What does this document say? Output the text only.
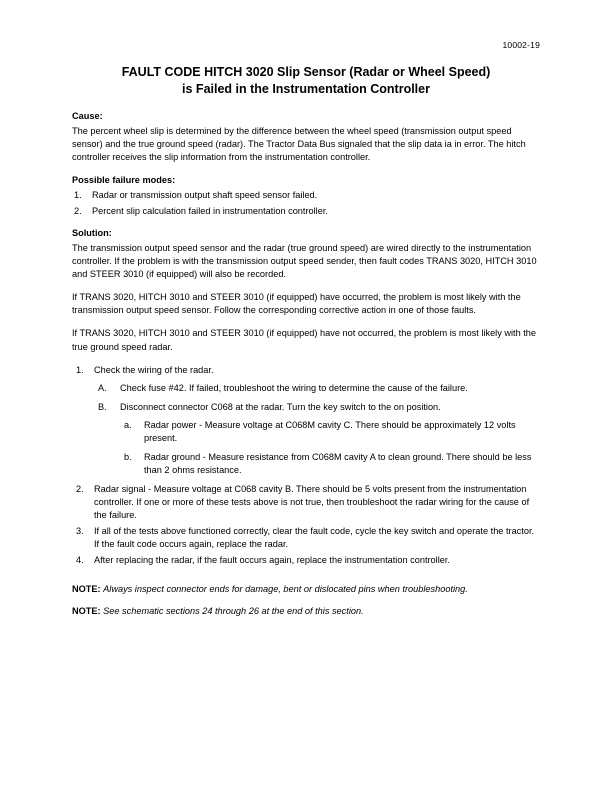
10002-19
FAULT CODE HITCH 3020 Slip Sensor (Radar or Wheel Speed)
is Failed in the Instrumentation Controller
Cause:

The percent wheel slip is determined by the difference between the wheel speed (transmission output speed sensor) and the true ground speed (radar). The Tractor Data Bus signaled that the slip data ia in error. The hitch controller receives the slip information from the instrumentation controller.

Possible failure modes:
1.	Radar or transmission output shaft speed sensor failed.
2.	Percent slip calculation failed in instrumentation controller.
Solution:

The transmission output speed sensor and the radar (true ground speed) are wired directly to the instrumentation controller. If the problem is with the transmission output speed sender, then fault codes TRANS 3020, HITCH 3010 and STEER 3010 (if equipped) will also be recorded.

If TRANS 3020, HITCH 3010 and STEER 3010 (if equipped) have occurred, the problem is most likely with the transmission output speed sensor. Follow the corresponding corrective action in one of those faults.

If TRANS 3020, HITCH 3010 and STEER 3010 (if equipped) have not occurred, the problem is most likely with the true ground speed radar.

1.	Check the wiring of the radar.
A.	Check fuse #42. If failed, troubleshoot the wiring to determine the cause of the failure.
B.	Disconnect connector C068 at the radar. Turn the key switch to the on position.
a.	Radar power - Measure voltage at C068M cavity C. There should be approximately 12 volts present.
b.	Radar ground - Measure resistance from C068M cavity A to clean ground. There should be less than 2 ohms resistance.
2.	Radar signal - Measure voltage at C068 cavity B. There should be 5 volts present from the instrumentation controller. If one or more of these tests above is not true, then troubleshoot the radar wiring for the cause of the failure.
3.	If all of the tests above functioned correctly, clear the fault code, cycle the key switch and operate the tractor. If the fault code occurs again, replace the radar.
4.	After replacing the radar, if the fault occurs again, replace the instrumentation controller.

NOTE: Always inspect connector ends for damage, bent or dislocated pins when troubleshooting.

NOTE: See schematic sections 24 through 26 at the end of this section.
